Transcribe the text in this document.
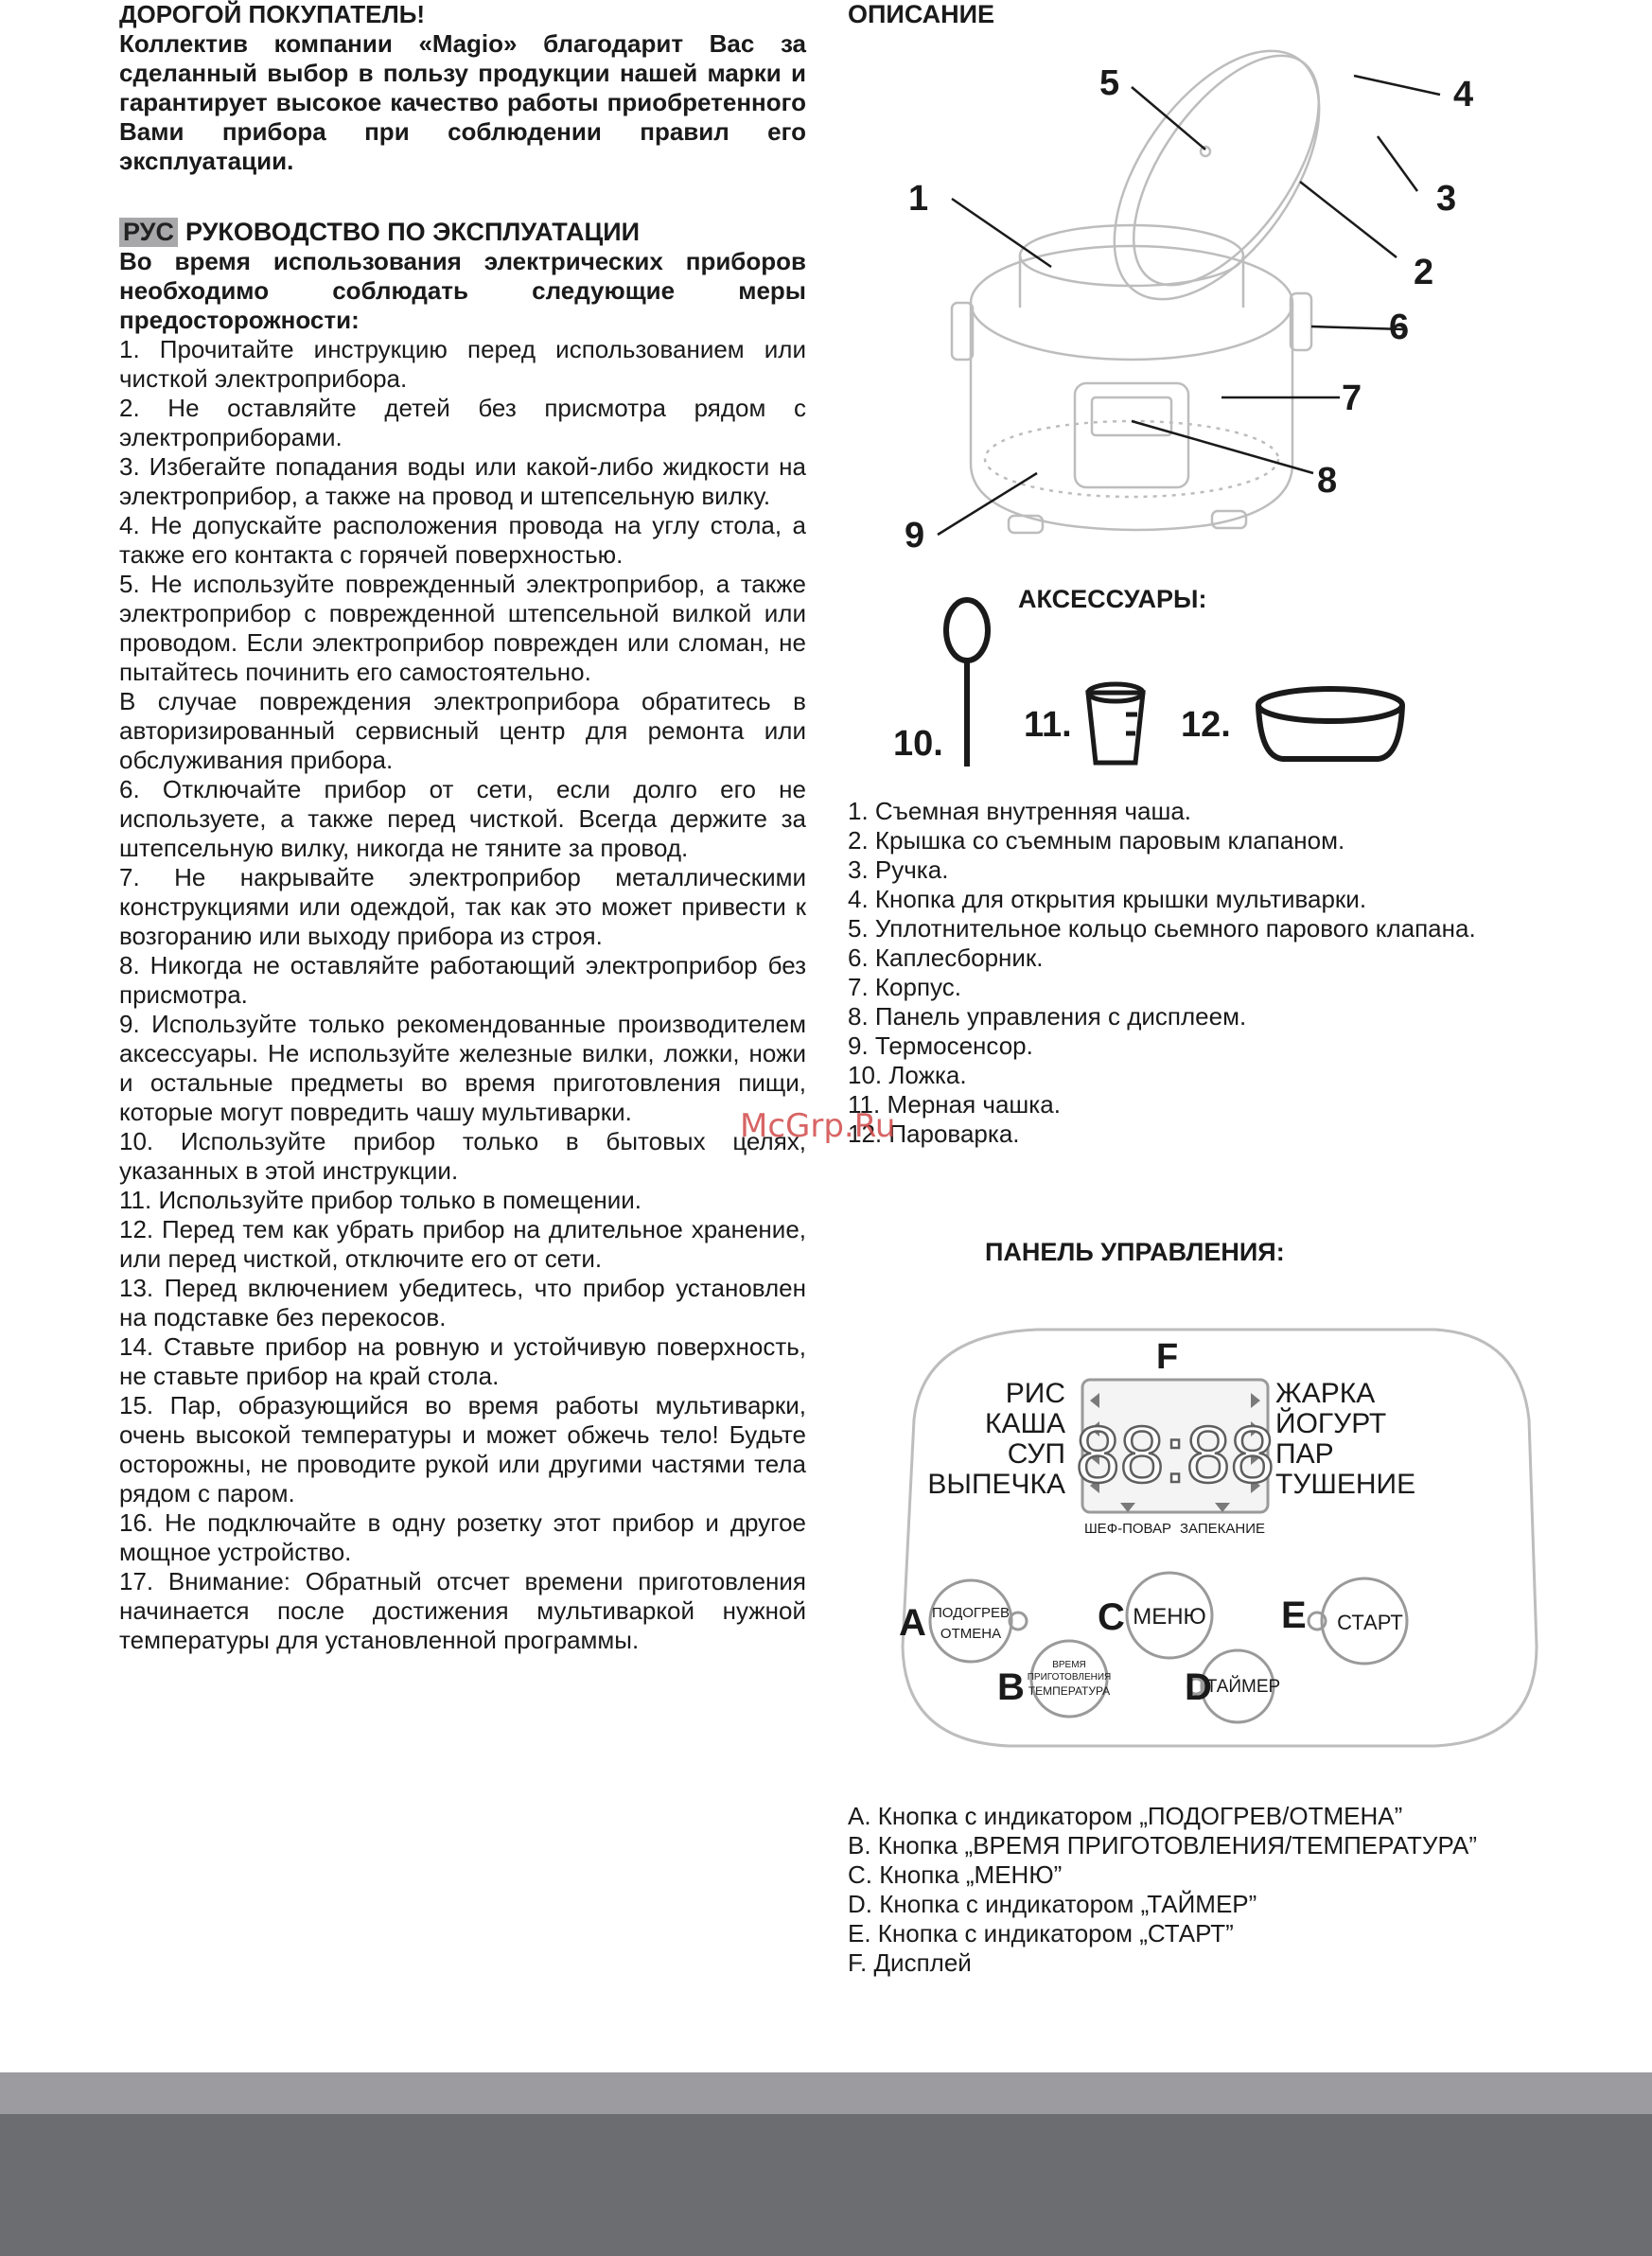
ДОРОГОЙ ПОКУПАТЕЛЬ!

Коллектив компании «Magio» благодарит Вас за сделанный выбор в пользу продукции нашей марки и гарантирует высокое качество работы приобретенного Вами прибора при соблюдении правил его эксплуатации.

РУС РУКОВОДСТВО ПО ЭКСПЛУАТАЦИИ

Во время использования электрических приборов необходимо соблюдать следующие меры предосторожности:

1. Прочитайте инструкцию перед использованием или чисткой электроприбора.

2. Не оставляйте детей без присмотра рядом с электроприборами.

3. Избегайте попадания воды или какой-либо жидкости на электроприбор, а также на провод и штепсельную вилку.

4. Не допускайте расположения провода на углу стола, а также его контакта с горячей поверхностью.

5. Не используйте поврежденный электроприбор, а также электроприбор с поврежденной штепсельной вилкой или проводом. Если электроприбор поврежден или сломан, не пытайтесь починить его самостоятельно.

В случае повреждения электроприбора обратитесь в авторизированный сервисный центр для ремонта или обслуживания прибора.

6. Отключайте прибор от сети, если долго его не используете, а также перед чисткой. Всегда держите за штепсельную вилку, никогда не тяните за провод.

7. Не накрывайте электроприбор металлическими конструкциями или одеждой, так как это может привести к возгоранию или выходу прибора из строя.

8. Никогда не оставляйте работающий электроприбор без присмотра.

9. Используйте только рекомендованные производителем аксессуары. Не используйте железные вилки, ложки, ножи и остальные предметы во время приготовления пищи, которые могут повредить чашу мультиварки.

10. Используйте прибор только в бытовых целях, указанных в этой инструкции.

11. Используйте прибор только в помещении.

12. Перед тем как убрать прибор на длительное хранение, или перед чисткой, отключите его от сети.

13. Перед включением убедитесь, что прибор установлен на подставке без перекосов.

14. Ставьте прибор на ровную и устойчивую поверхность, не ставьте прибор на край стола.

15. Пар, образующийся во время работы мультиварки, очень высокой температуры и может обжечь тело! Будьте осторожны, не проводите рукой или другими частями тела рядом с паром.

16. Не подключайте в одну розетку этот прибор и другое мощное устройство.

17. Внимание: Обратный отсчет времени приготовления начинается после достижения мультиваркой нужной температуры для установленной программы.

ОПИСАНИЕ
1
2
3
4
5
6
7
8
9
АКСЕССУАРЫ:
10. 11.	12.

1. Съемная внутренняя чаша.

2. Крышка со съемным паровым клапаном.

3. Ручка.

4. Кнопка для открытия крышки мультиварки.

5. Уплотнительное кольцо сьемного парового клапана.

6. Каплесборник.

7. Корпус.

8. Панель управления с дисплеем.

9. Термосенсор.

10. Ложка.

11. Мерная чашка.

12. Пароварка.

ПАНЕЛЬ УПРАВЛЕНИЯ:
F
88:88
РИС
КАША
СУП
ВЫПЕЧКА
ЖАРКА
ЙОГУРТ
ПАР
ТУШЕНИЕ
ШЕФ-ПОВАР ЗАПЕКАНИЕ
A
B
C
D
E
ПОДОГРЕВ
ОТМЕНА
ВРЕМЯ
ПРИГОТОВЛЕНИЯ
ТЕМПЕРАТУРА
МЕНЮ
ТАЙМЕР
СТАРТ

A. Кнопка с индикатором „ПОДОГРЕВ/ОТМЕНА”

B. Кнопка „ВРЕМЯ ПРИГОТОВЛЕНИЯ/ТЕМПЕРАТУРА”

C. Кнопка „МЕНЮ”

D. Кнопка с индикатором „ТАЙМЕР”

E. Кнопка с индикатором „СТАРТ”

F. Дисплей

McGrp.Ru
